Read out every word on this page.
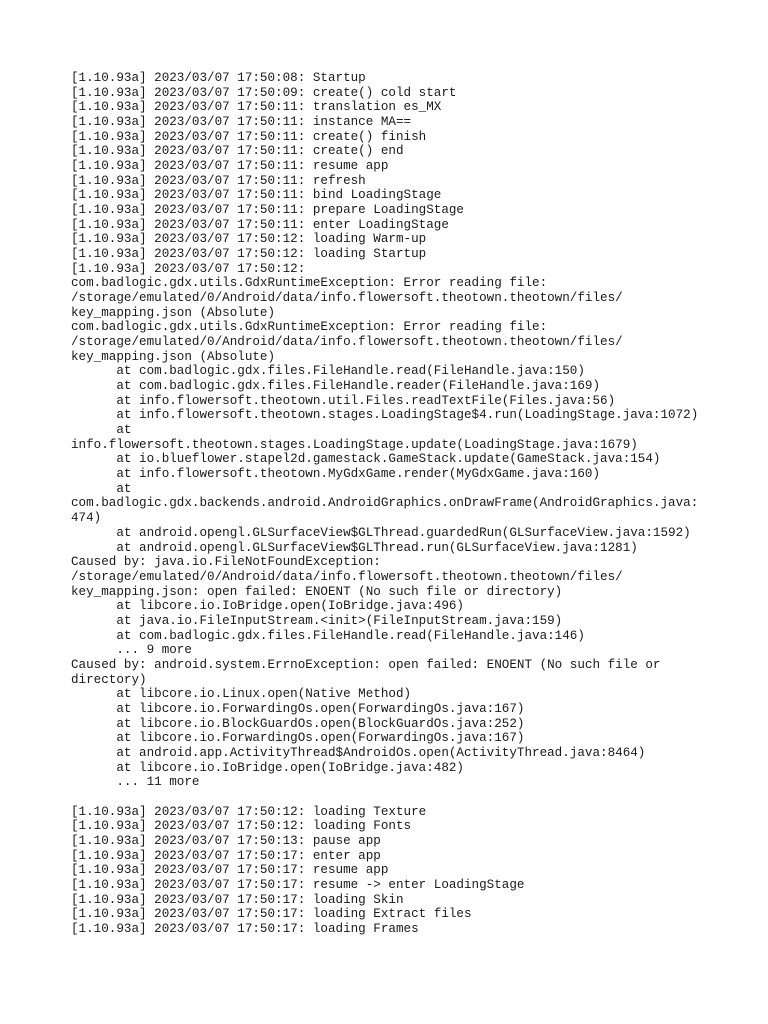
[1.10.93a] 2023/03/07 17:50:08: Startup
[1.10.93a] 2023/03/07 17:50:09: create() cold start
[1.10.93a] 2023/03/07 17:50:11: translation es_MX
[1.10.93a] 2023/03/07 17:50:11: instance MA==
[1.10.93a] 2023/03/07 17:50:11: create() finish
[1.10.93a] 2023/03/07 17:50:11: create() end
[1.10.93a] 2023/03/07 17:50:11: resume app
[1.10.93a] 2023/03/07 17:50:11: refresh
[1.10.93a] 2023/03/07 17:50:11: bind LoadingStage
[1.10.93a] 2023/03/07 17:50:11: prepare LoadingStage
[1.10.93a] 2023/03/07 17:50:11: enter LoadingStage
[1.10.93a] 2023/03/07 17:50:12: loading Warm-up
[1.10.93a] 2023/03/07 17:50:12: loading Startup
[1.10.93a] 2023/03/07 17:50:12:
com.badlogic.gdx.utils.GdxRuntimeException: Error reading file:
/storage/emulated/0/Android/data/info.flowersoft.theotown.theotown/files/
key_mapping.json (Absolute)
com.badlogic.gdx.utils.GdxRuntimeException: Error reading file:
/storage/emulated/0/Android/data/info.flowersoft.theotown.theotown/files/
key_mapping.json (Absolute)
at com.badlogic.gdx.files.FileHandle.read(FileHandle.java:150)
at com.badlogic.gdx.files.FileHandle.reader(FileHandle.java:169)
at info.flowersoft.theotown.util.Files.readTextFile(Files.java:56)
at info.flowersoft.theotown.stages.LoadingStage$4.run(LoadingStage.java:1072)
at
info.flowersoft.theotown.stages.LoadingStage.update(LoadingStage.java:1679)
at io.blueflower.stapel2d.gamestack.GameStack.update(GameStack.java:154)
at info.flowersoft.theotown.MyGdxGame.render(MyGdxGame.java:160)
at
com.badlogic.gdx.backends.android.AndroidGraphics.onDrawFrame(AndroidGraphics.java:
474)
at android.opengl.GLSurfaceView$GLThread.guardedRun(GLSurfaceView.java:1592)
at android.opengl.GLSurfaceView$GLThread.run(GLSurfaceView.java:1281)
Caused by: java.io.FileNotFoundException:
/storage/emulated/0/Android/data/info.flowersoft.theotown.theotown/files/
key_mapping.json: open failed: ENOENT (No such file or directory)
at libcore.io.IoBridge.open(IoBridge.java:496)
at java.io.FileInputStream.<init>(FileInputStream.java:159)
at com.badlogic.gdx.files.FileHandle.read(FileHandle.java:146)
... 9 more
Caused by: android.system.ErrnoException: open failed: ENOENT (No such file or
directory)
at libcore.io.Linux.open(Native Method)
at libcore.io.ForwardingOs.open(ForwardingOs.java:167)
at libcore.io.BlockGuardOs.open(BlockGuardOs.java:252)
at libcore.io.ForwardingOs.open(ForwardingOs.java:167)
at android.app.ActivityThread$AndroidOs.open(ActivityThread.java:8464)
at libcore.io.IoBridge.open(IoBridge.java:482)
... 11 more
[1.10.93a] 2023/03/07 17:50:12: loading Texture
[1.10.93a] 2023/03/07 17:50:12: loading Fonts
[1.10.93a] 2023/03/07 17:50:13: pause app
[1.10.93a] 2023/03/07 17:50:17: enter app
[1.10.93a] 2023/03/07 17:50:17: resume app
[1.10.93a] 2023/03/07 17:50:17: resume -> enter LoadingStage
[1.10.93a] 2023/03/07 17:50:17: loading Skin
[1.10.93a] 2023/03/07 17:50:17: loading Extract files
[1.10.93a] 2023/03/07 17:50:17: loading Frames
